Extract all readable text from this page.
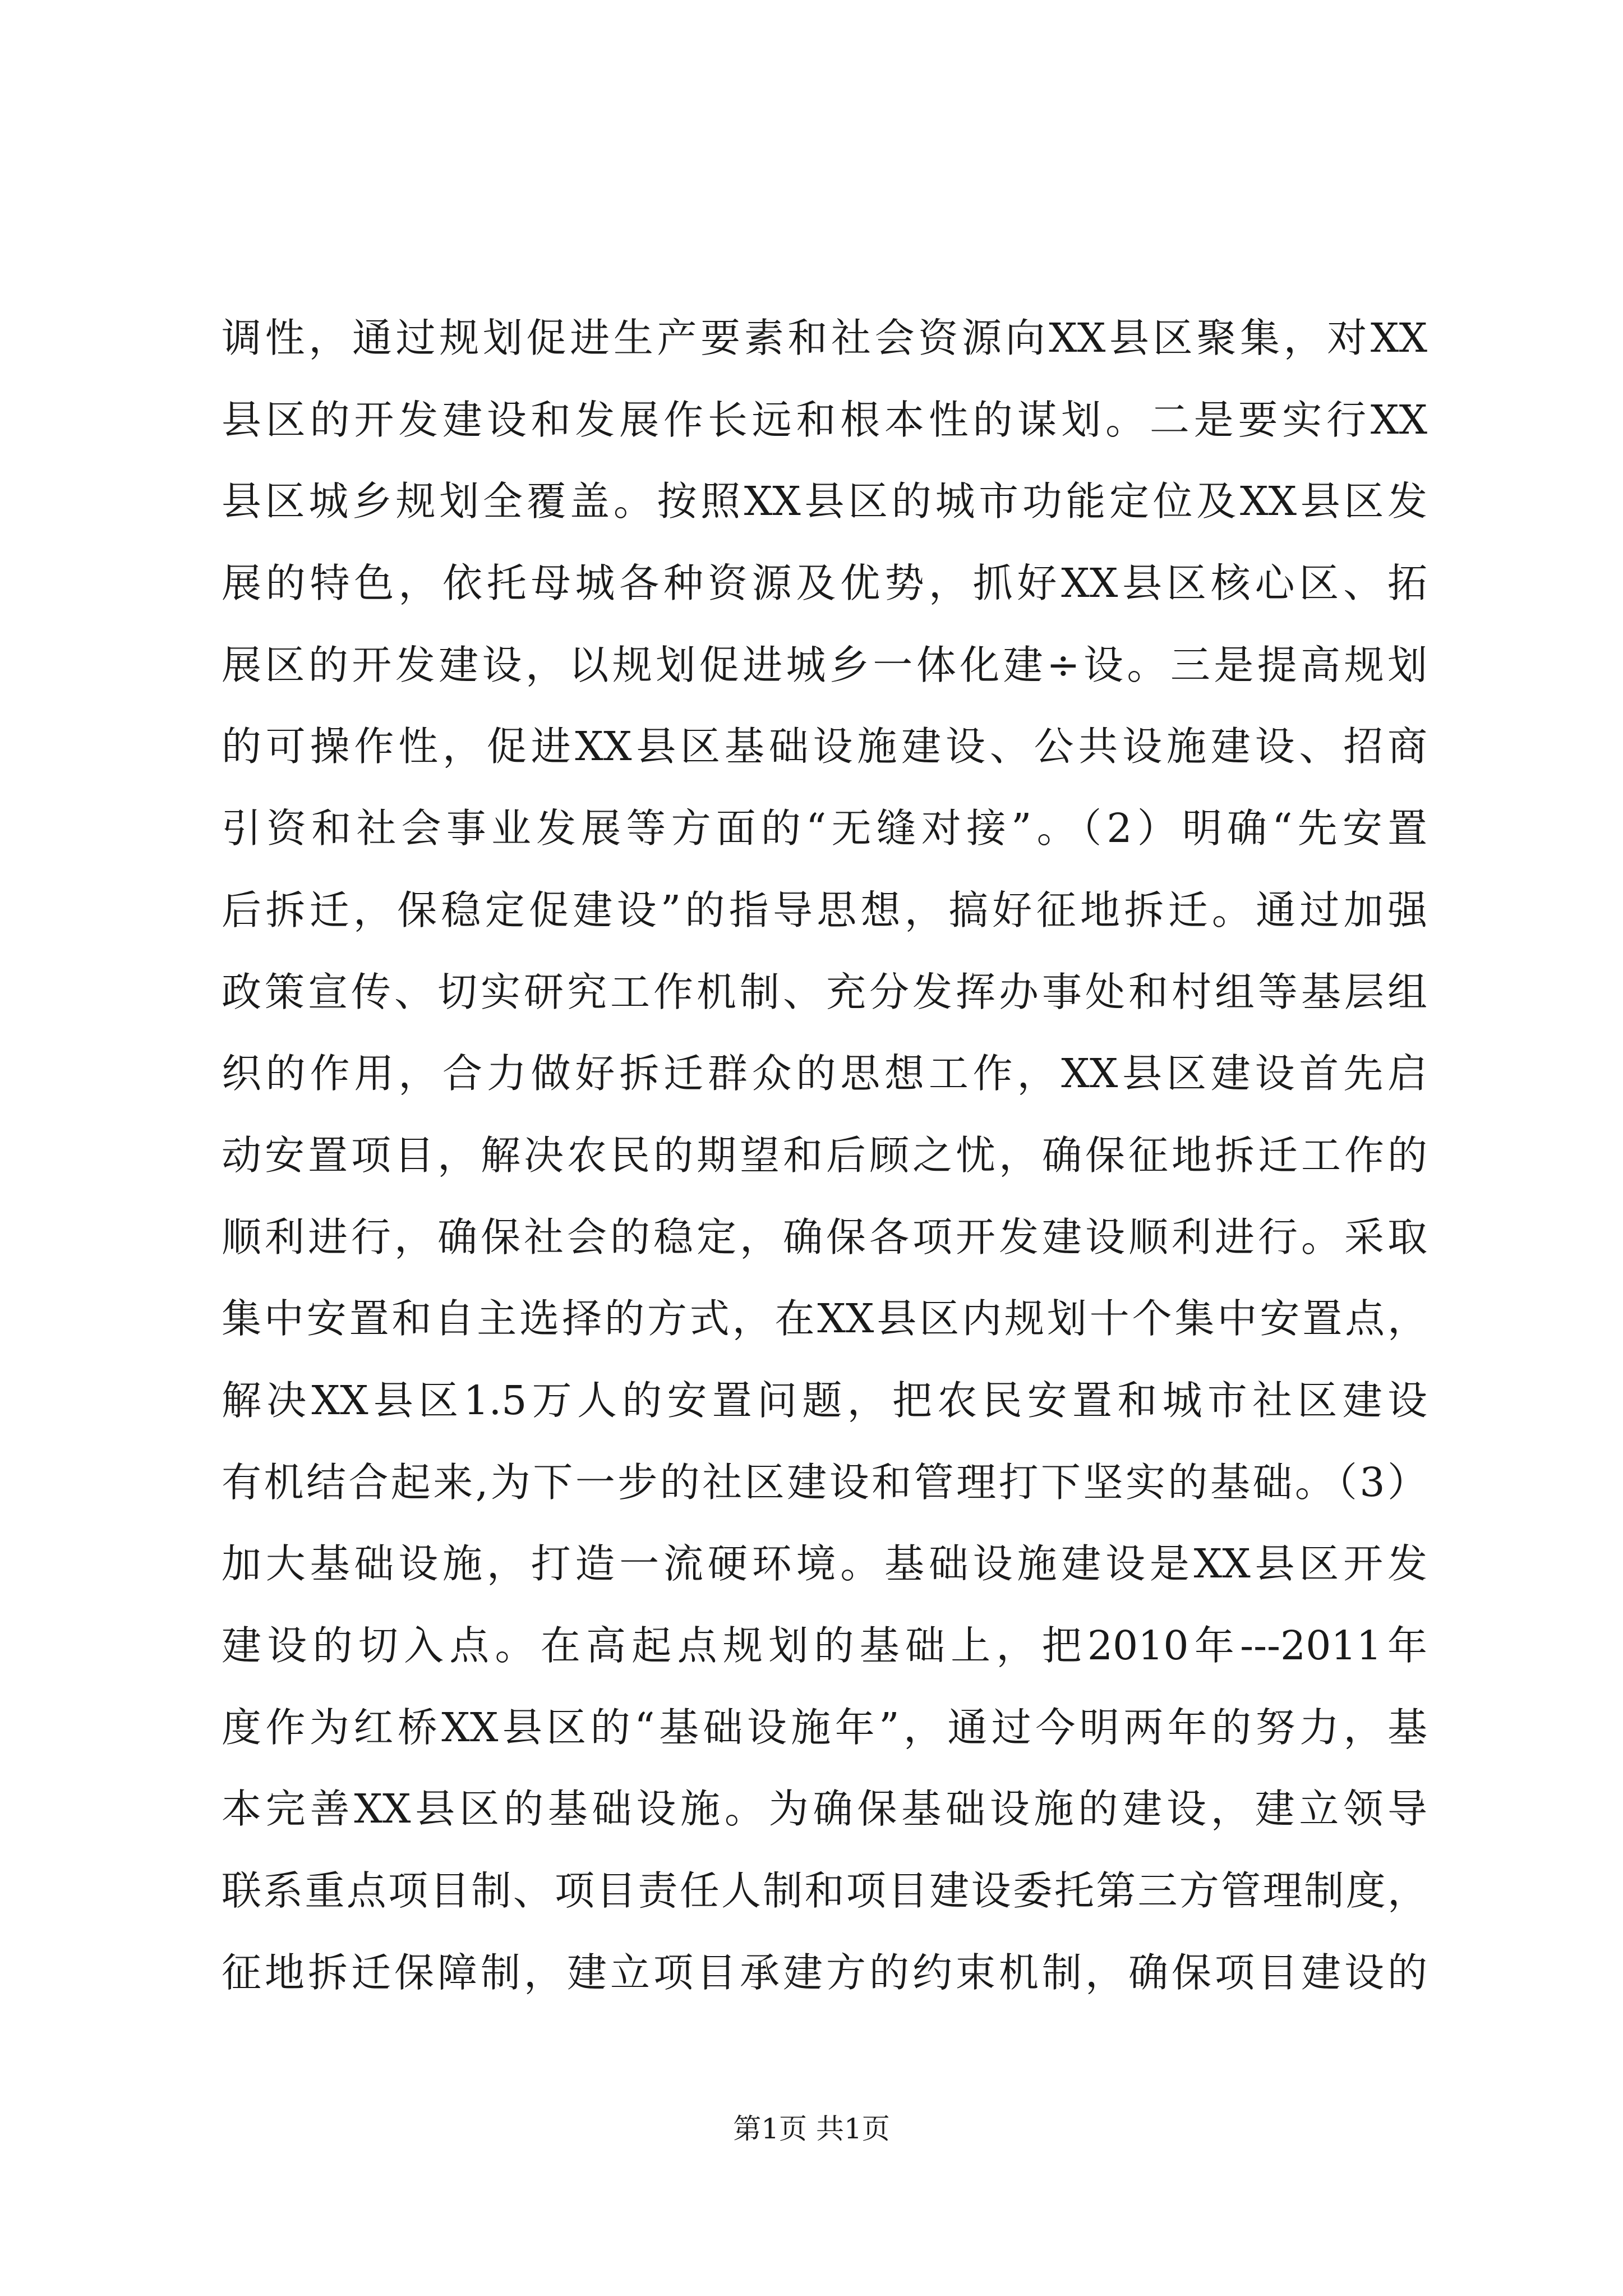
调性，通过规划促进生产要素和社会资源向XX县区聚集，对XX
县区的开发建设和发展作长远和根本性的谋划。二是要实行XX
县区城乡规划全覆盖。按照XX县区的城市功能定位及XX县区发
展的特色，依托母城各种资源及优势，抓好XX县区核心区、拓
展区的开发建设，以规划促进城乡一体化建÷设。三是提高规划
的可操作性，促进XX县区基础设施建设、公共设施建设、招商
引资和社会事业发展等方面的“无缝对接”。（2）明确“先安置
后拆迁，保稳定促建设”的指导思想，搞好征地拆迁。通过加强
政策宣传、切实研究工作机制、充分发挥办事处和村组等基层组
织的作用，合力做好拆迁群众的思想工作，XX县区建设首先启
动安置项目，解决农民的期望和后顾之忧，确保征地拆迁工作的
顺利进行，确保社会的稳定，确保各项开发建设顺利进行。采取
集中安置和自主选择的方式，在XX县区内规划十个集中安置点，
解决XX县区1.5万人的安置问题，把农民安置和城市社区建设
有机结合起来,为下一步的社区建设和管理打下坚实的基础。（3）
加大基础设施，打造一流硬环境。基础设施建设是XX县区开发
建设的切入点。在高起点规划的基础上，把2010年---2011年
度作为红桥XX县区的“基础设施年”，通过今明两年的努力，基
本完善XX县区的基础设施。为确保基础设施的建设，建立领导
联系重点项目制、项目责任人制和项目建设委托第三方管理制度，
征地拆迁保障制，建立项目承建方的约束机制，确保项目建设的
第1页 共1页
